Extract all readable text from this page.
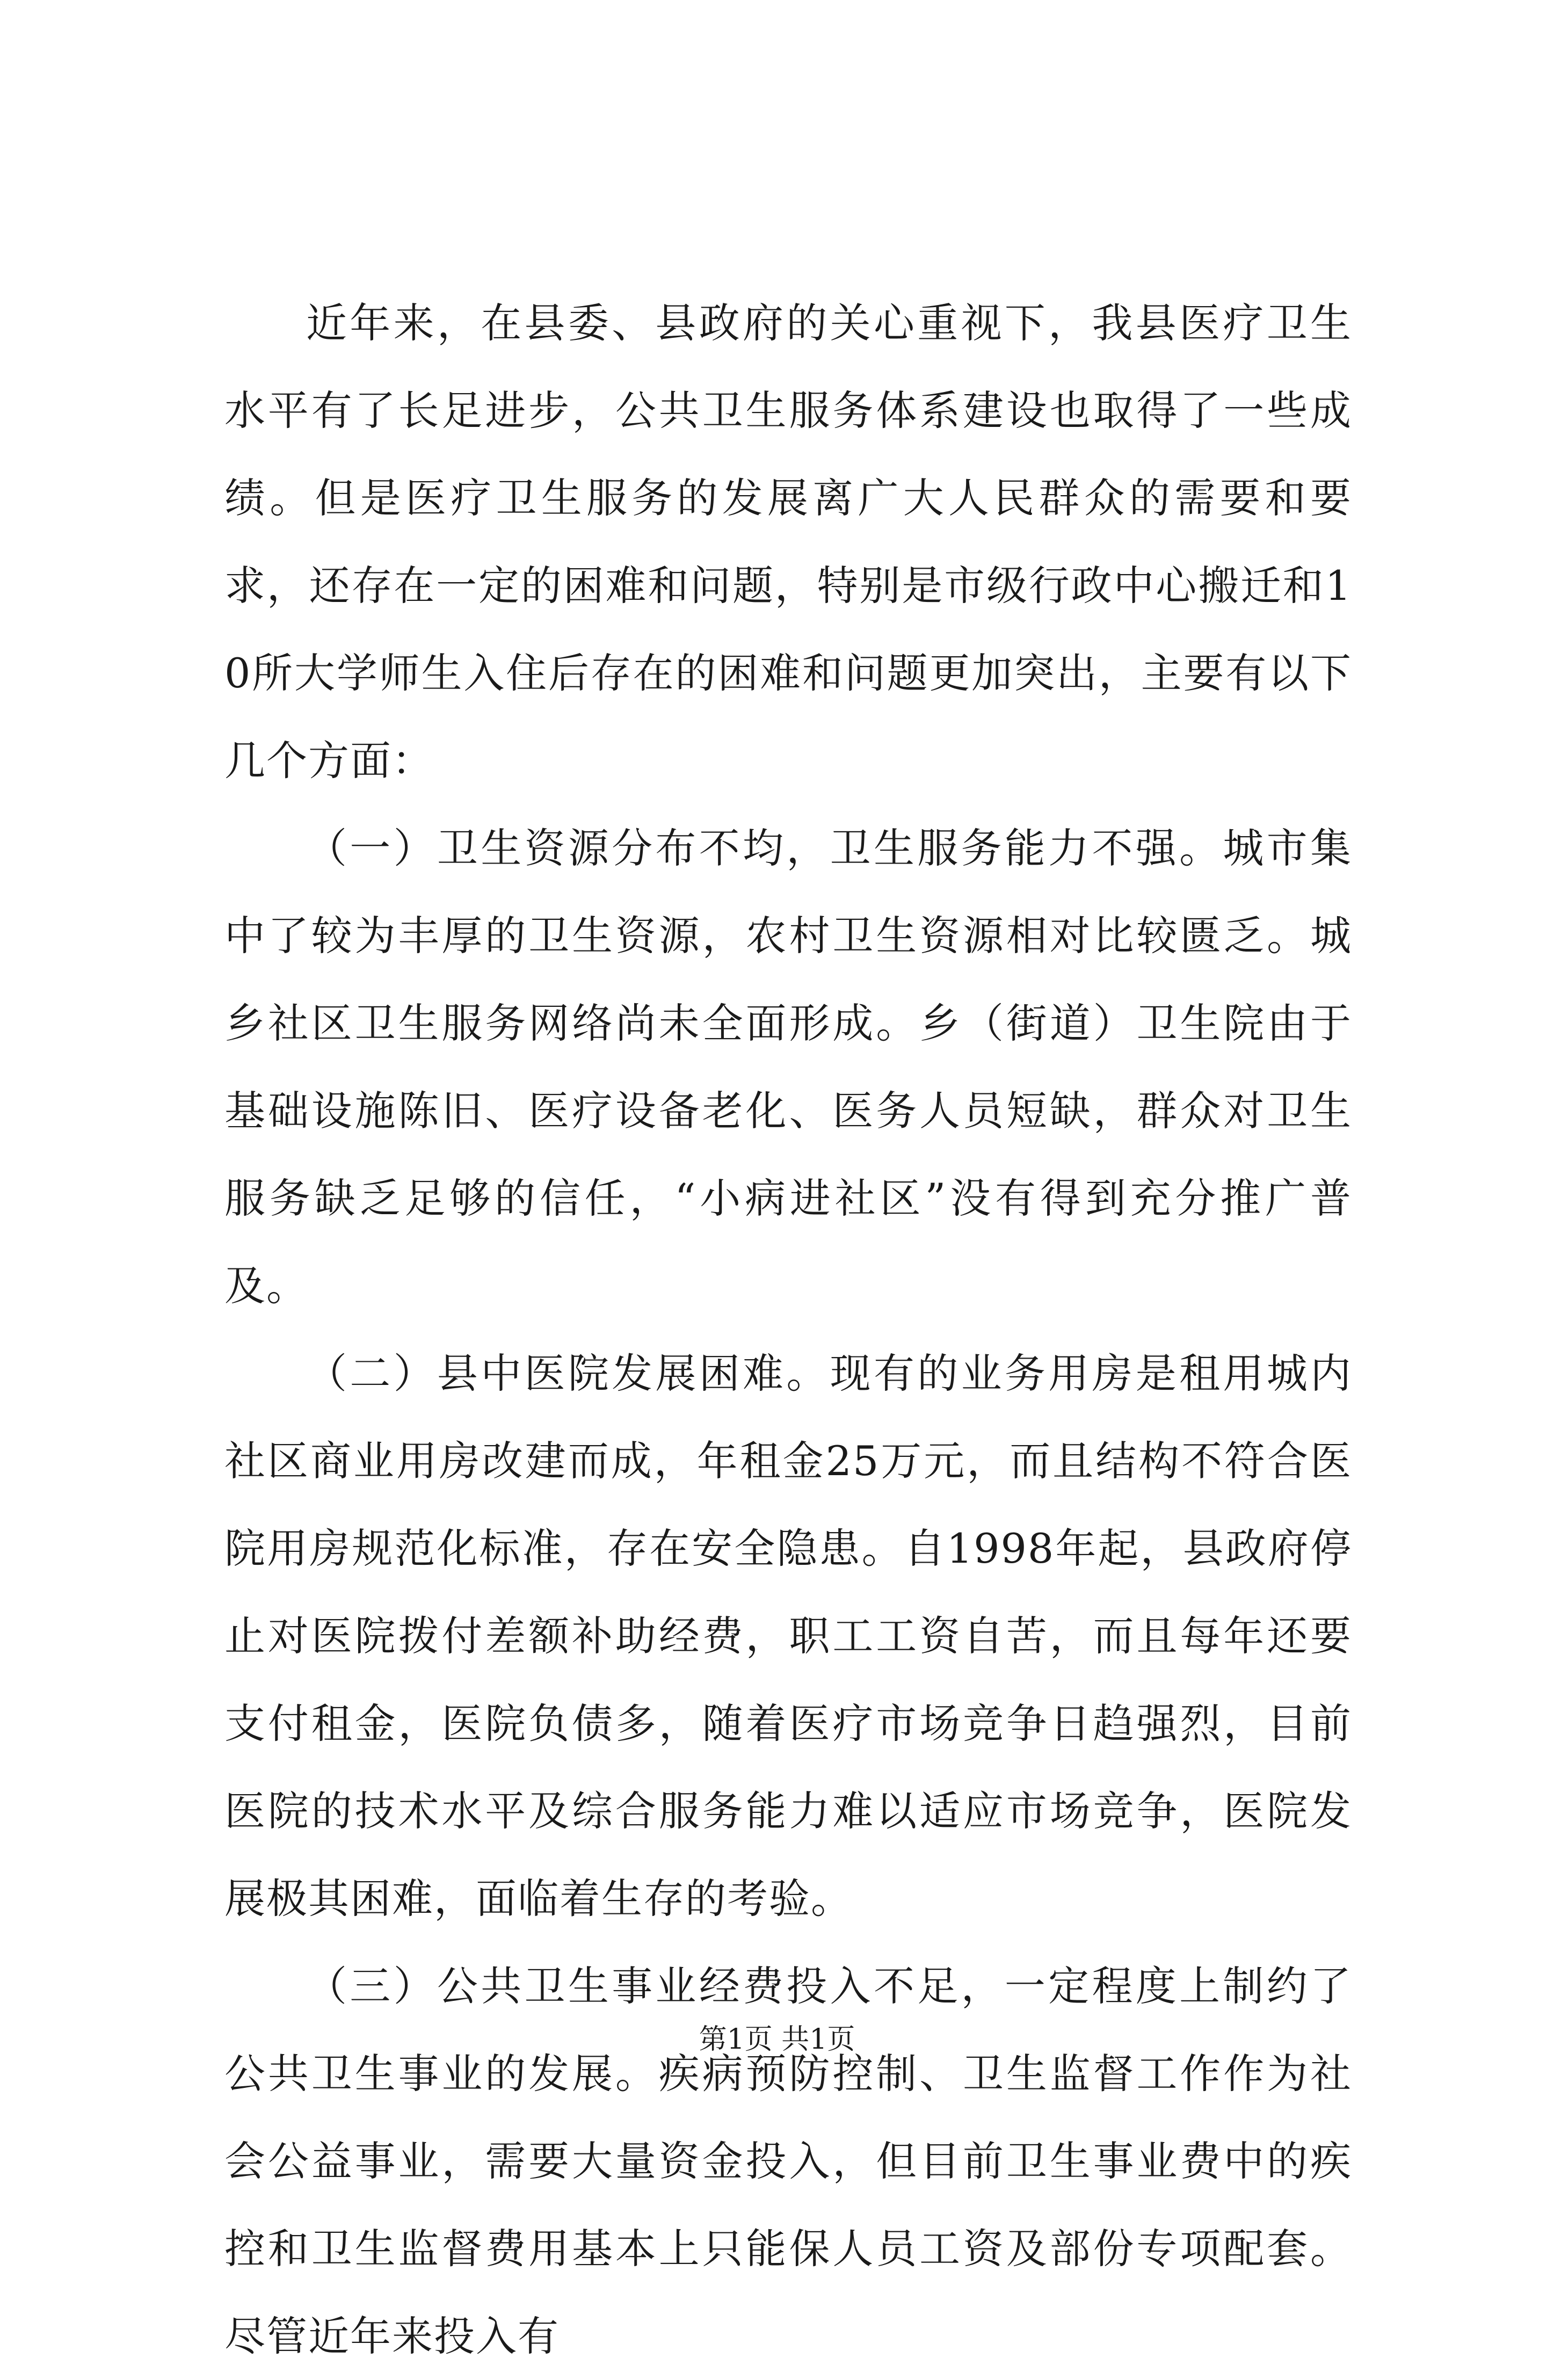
近年来，在县委、县政府的关心重视下，我县医疗卫生水平有了长足进步，公共卫生服务体系建设也取得了一些成绩。但是医疗卫生服务的发展离广大人民群众的需要和要求，还存在一定的困难和问题，特别是市级行政中心搬迁和10所大学师生入住后存在的困难和问题更加突出，主要有以下几个方面：

（一）卫生资源分布不均，卫生服务能力不强。城市集中了较为丰厚的卫生资源，农村卫生资源相对比较匮乏。城乡社区卫生服务网络尚未全面形成。乡（街道）卫生院由于基础设施陈旧、医疗设备老化、医务人员短缺，群众对卫生服务缺乏足够的信任，“小病进社区”没有得到充分推广普及。

（二）县中医院发展困难。现有的业务用房是租用城内社区商业用房改建而成，年租金25万元，而且结构不符合医院用房规范化标准，存在安全隐患。自1998年起，县政府停止对医院拨付差额补助经费，职工工资自苦，而且每年还要支付租金，医院负债多，随着医疗市场竞争日趋强烈，目前医院的技术水平及综合服务能力难以适应市场竞争，医院发展极其困难，面临着生存的考验。

（三）公共卫生事业经费投入不足，一定程度上制约了公共卫生事业的发展。疾病预防控制、卫生监督工作作为社会公益事业，需要大量资金投入，但目前卫生事业费中的疾控和卫生监督费用基本上只能保人员工资及部份专项配套。尽管近年来投入有

第1页 共1页
